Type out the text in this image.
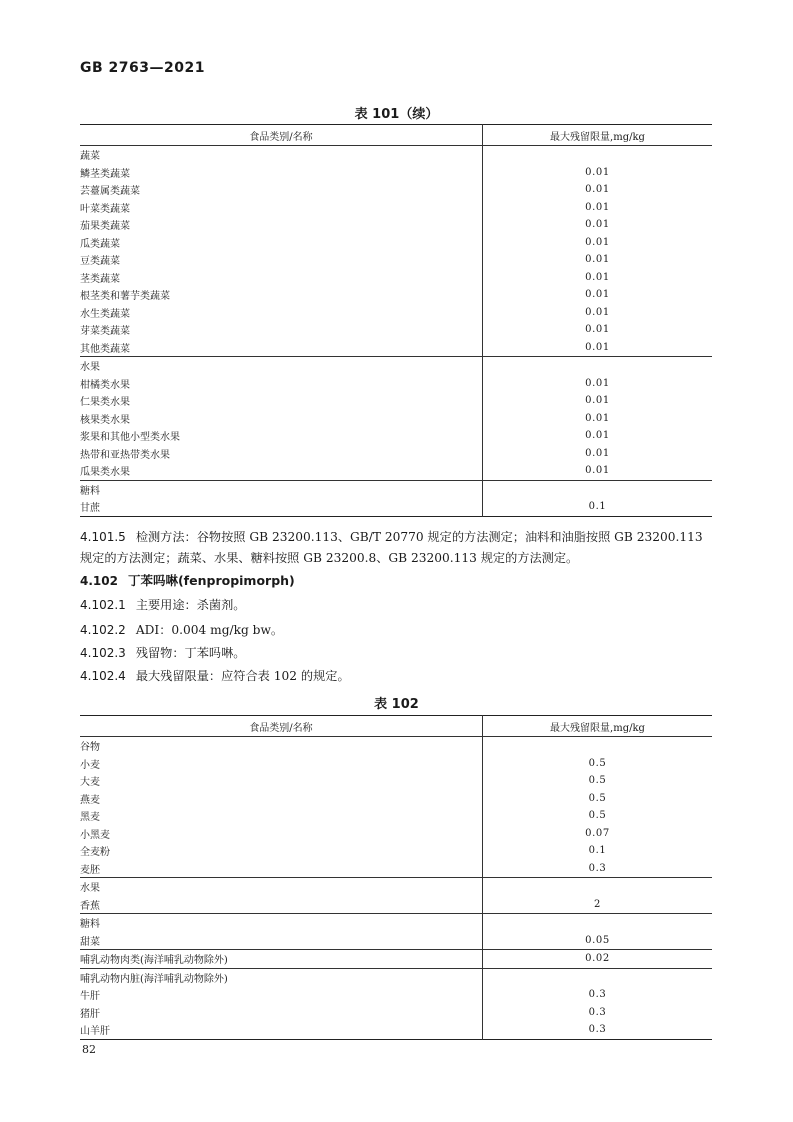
GB 2763—2021
表 101（续）
食品类别/名称	最大残留限量,mg/kg
蔬菜	
鳞茎类蔬菜	0.01
芸薹属类蔬菜	0.01
叶菜类蔬菜	0.01
茄果类蔬菜	0.01
瓜类蔬菜	0.01
豆类蔬菜	0.01
茎类蔬菜	0.01
根茎类和薯芋类蔬菜	0.01
水生类蔬菜	0.01
芽菜类蔬菜	0.01
其他类蔬菜	0.01
水果	
柑橘类水果	0.01
仁果类水果	0.01
核果类水果	0.01
浆果和其他小型类水果	0.01
热带和亚热带类水果	0.01
瓜果类水果	0.01
糖料	
甘蔗	0.1
4.101.5 检测方法：谷物按照 GB 23200.113、GB/T 20770 规定的方法测定；油料和油脂按照 GB 23200.113 规定的方法测定；蔬菜、水果、糖料按照 GB 23200.8、GB 23200.113 规定的方法测定。
4.102 丁苯吗啉(fenpropimorph)
4.102.1 主要用途：杀菌剂。
4.102.2 ADI：0.004 mg/kg bw。
4.102.3 残留物：丁苯吗啉。
4.102.4 最大残留限量：应符合表 102 的规定。
表 102
食品类别/名称	最大残留限量,mg/kg
谷物	
小麦	0.5
大麦	0.5
燕麦	0.5
黑麦	0.5
小黑麦	0.07
全麦粉	0.1
麦胚	0.3
水果	
香蕉	2
糖料	
甜菜	0.05
哺乳动物肉类(海洋哺乳动物除外)	0.02
哺乳动物内脏(海洋哺乳动物除外)	
牛肝	0.3
猪肝	0.3
山羊肝	0.3
82
